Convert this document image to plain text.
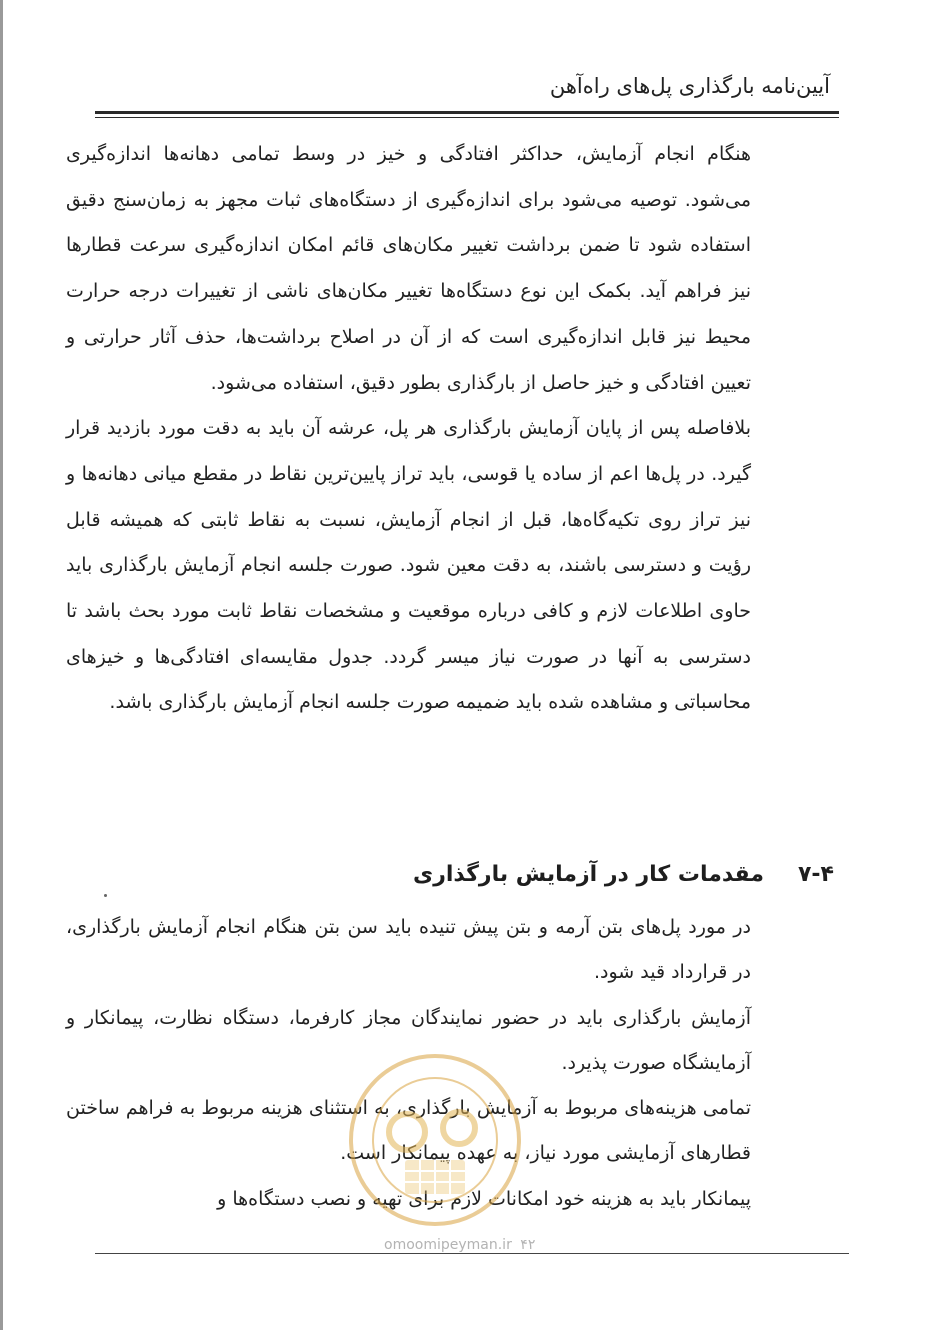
آیین‌نامه بارگذاری پل‌های راه‌آهن

هنگام انجام آزمایش، حداکثر افتادگی و خیز در وسط تمامی دهانه‌ها اندازه‌گیری می‌شود. توصیه می‌شود برای اندازه‌گیری از دستگاه‌های ثبات مجهز به زمان‌سنج دقیق استفاده شود تا ضمن برداشت تغییر مکان‌های قائم امکان اندازه‌گیری سرعت قطارها نیز فراهم آید. بکمک این نوع دستگاه‌ها تغییر مکان‌های ناشی از تغییرات درجه حرارت محیط نیز قابل اندازه‌گیری است که از آن در اصلاح برداشت‌ها، حذف آثار حرارتی و تعیین افتادگی و خیز حاصل از بارگذاری بطور دقیق، استفاده می‌شود.

بلافاصله پس از پایان آزمایش بارگذاری هر پل، عرشه آن باید به دقت مورد بازدید قرار گیرد. در پل‌ها اعم از ساده یا قوسی، باید تراز پایین‌ترین نقاط در مقطع میانی دهانه‌ها و نیز تراز روی تکیه‌گاه‌ها، قبل از انجام آزمایش، نسبت به نقاط ثابتی که همیشه قابل رؤیت و دسترسی باشند، به دقت معین شود. صورت جلسه انجام آزمایش بارگذاری باید حاوی اطلاعات لازم و کافی درباره موقعیت و مشخصات نقاط ثابت مورد بحث باشد تا دسترسی به آنها در صورت نیاز میسر گردد. جدول مقایسه‌ای افتادگی‌ها و خیزهای محاسباتی و مشاهده شده باید ضمیمه صورت جلسه انجام آزمایش بارگذاری باشد.

۷-۴
مقدمات کار در آزمایش بارگذاری

در مورد پل‌های بتن آرمه و بتن پیش تنیده باید سن بتن هنگام انجام آزمایش بارگذاری، در قرارداد قید شود.

آزمایش بارگذاری باید در حضور نمایندگان مجاز کارفرما، دستگاه نظارت، پیمانکار و آزمایشگاه صورت پذیرد.

تمامی هزینه‌های مربوط به آزمایش بارگذاری، به استثنای هزینه مربوط به فراهم ساختن قطارهای آزمایشی مورد نیاز، به عهده پیمانکار است.

پیمانکار باید به هزینه خود امکانات لازم برای تهیه و نصب دستگاه‌ها و

omoomipeyman.ir ۴۲
